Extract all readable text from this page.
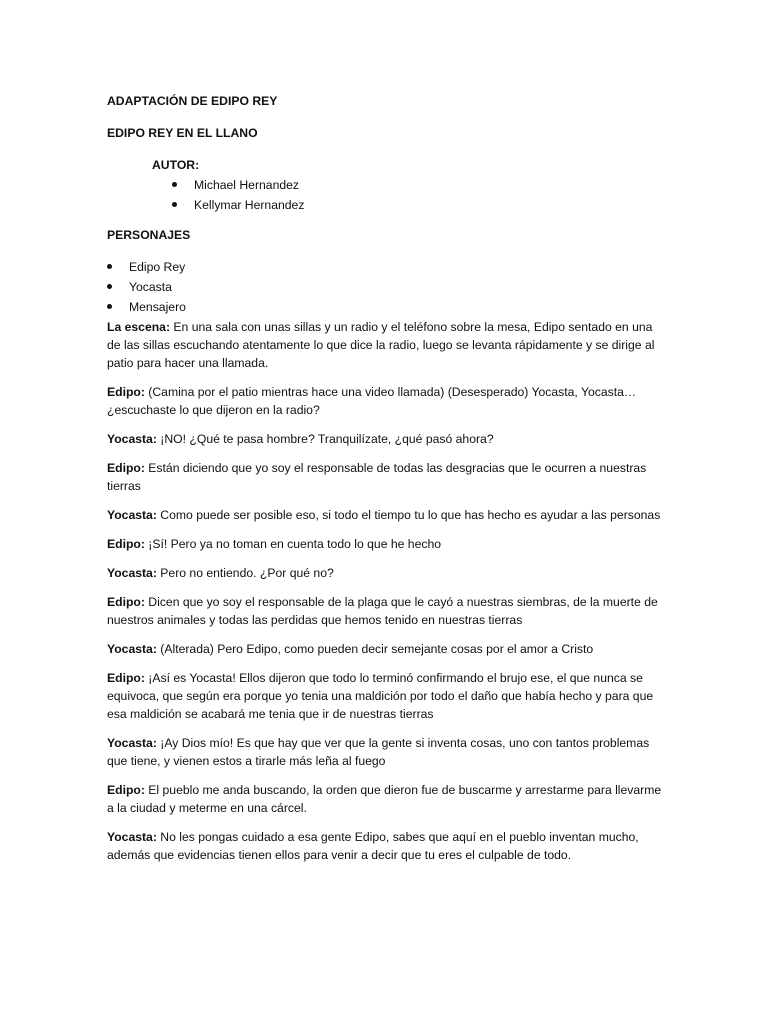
ADAPTACIÓN DE EDIPO REY
EDIPO REY EN EL LLANO
AUTOR:
Michael Hernandez
Kellymar Hernandez
PERSONAJES
Edipo Rey
Yocasta
Mensajero

La escena: En una sala con unas sillas y un radio y el teléfono sobre la mesa, Edipo sentado en una de las sillas escuchando atentamente lo que dice la radio, luego se levanta rápidamente y se dirige al patio para hacer una llamada.

Edipo: (Camina por el patio mientras hace una video llamada) (Desesperado) Yocasta, Yocasta… ¿escuchaste lo que dijeron en la radio?

Yocasta: ¡NO! ¿Qué te pasa hombre? Tranquilízate, ¿qué pasó ahora?

Edipo: Están diciendo que yo soy el responsable de todas las desgracias que le ocurren a nuestras tierras

Yocasta: Como puede ser posible eso, si todo el tiempo tu lo que has hecho es ayudar a las personas

Edipo: ¡Sí! Pero ya no toman en cuenta todo lo que he hecho

Yocasta: Pero no entiendo. ¿Por qué no?

Edipo: Dicen que yo soy el responsable de la plaga que le cayó a nuestras siembras, de la muerte de nuestros animales y todas las perdidas que hemos tenido en nuestras tierras

Yocasta: (Alterada) Pero Edipo, como pueden decir semejante cosas por el amor a Cristo

Edipo: ¡Así es Yocasta! Ellos dijeron que todo lo terminó confirmando el brujo ese, el que nunca se equivoca, que según era porque yo tenia una maldición por todo el daño que había hecho y para que esa maldición se acabará me tenia que ir de nuestras tierras

Yocasta: ¡Ay Dios mío! Es que hay que ver que la gente si inventa cosas, uno con tantos problemas que tiene, y vienen estos a tirarle más leña al fuego

Edipo: El pueblo me anda buscando, la orden que dieron fue de buscarme y arrestarme para llevarme a la ciudad y meterme en una cárcel.

Yocasta: No les pongas cuidado a esa gente Edipo, sabes que aquí en el pueblo inventan mucho, además que evidencias tienen ellos para venir a decir que tu eres el culpable de todo.
